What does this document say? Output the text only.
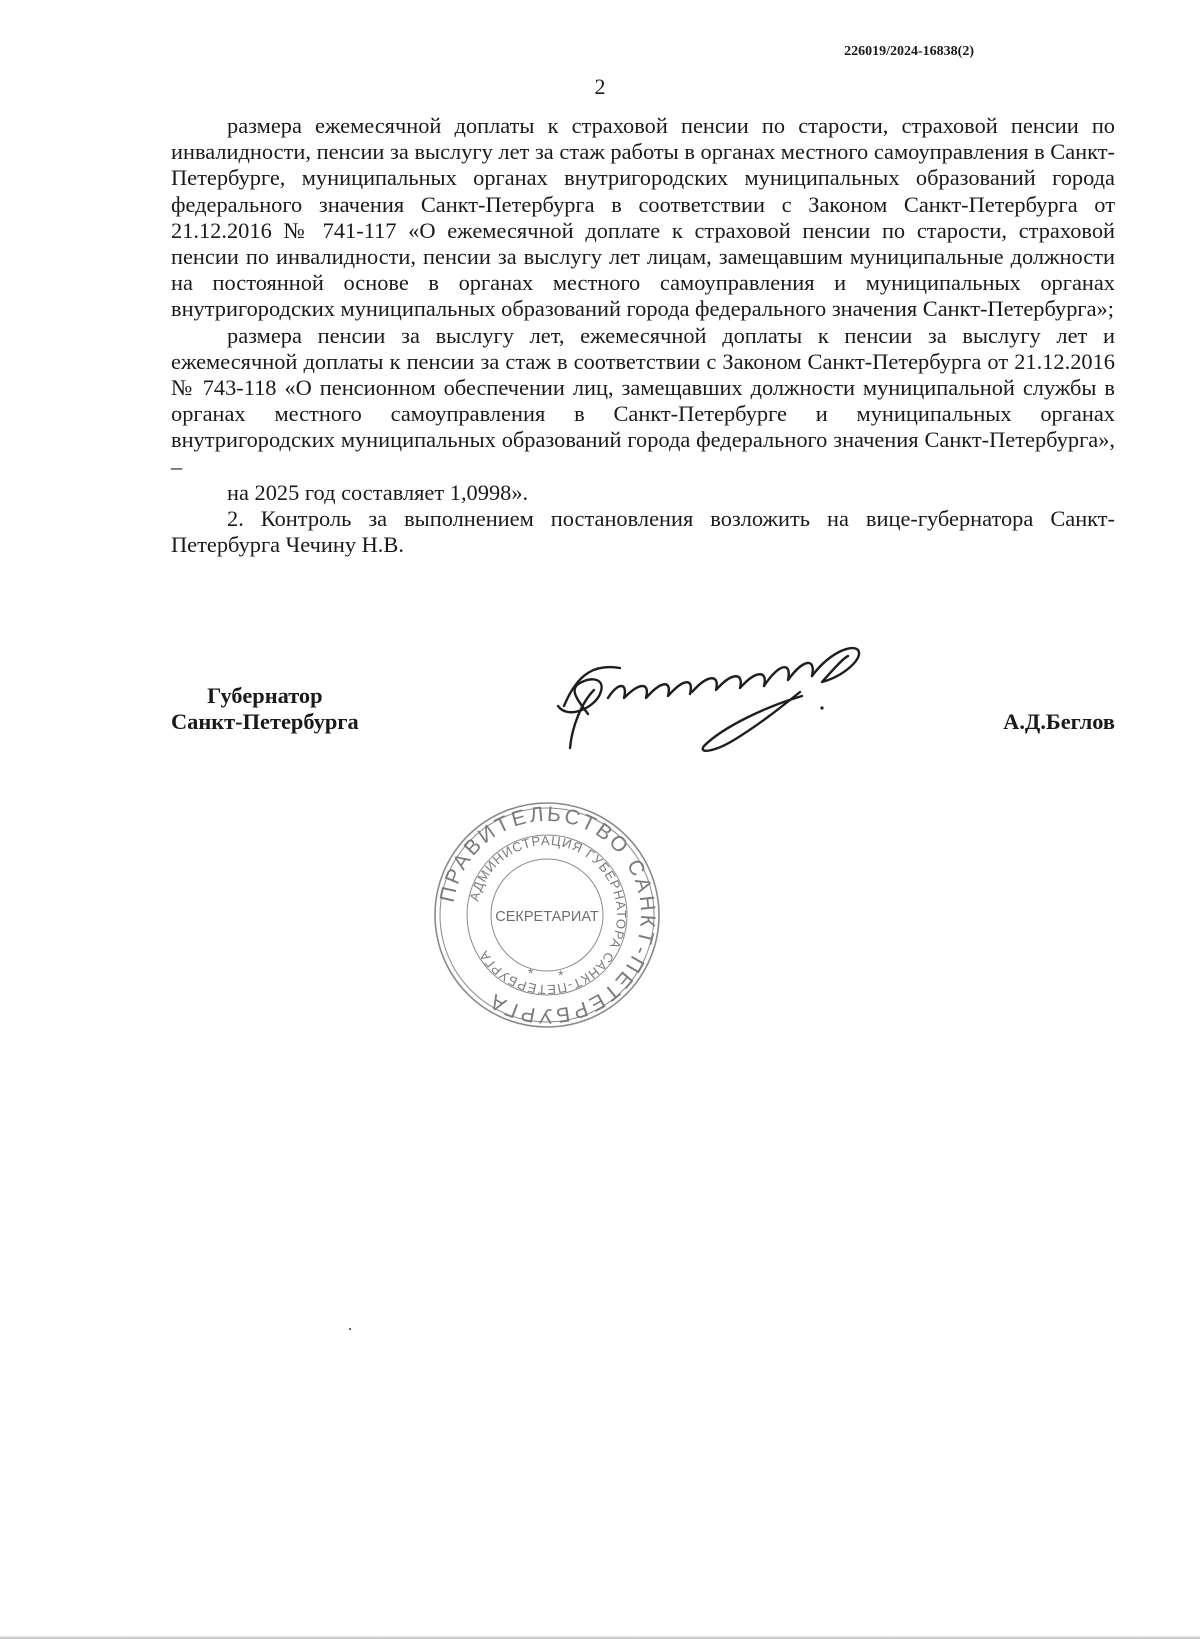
226019/2024-16838(2)
2

размера ежемесячной доплаты к страховой пенсии по старости, страховой пенсии по инвалидности, пенсии за выслугу лет за стаж работы в органах местного самоуправления в Санкт-Петербурге, муниципальных органах внутригородских муниципальных образований города федерального значения Санкт-Петербурга в соответствии с Законом Санкт-Петербурга от 21.12.2016 № 741-117 «О ежемесячной доплате к страховой пенсии по старости, страховой пенсии по инвалидности, пенсии за выслугу лет лицам, замещавшим муниципальные должности на постоянной основе в органах местного самоуправления и муниципальных органах внутригородских муниципальных образований города федерального значения Санкт-Петербурга»;

размера пенсии за выслугу лет, ежемесячной доплаты к пенсии за выслугу лет и ежемесячной доплаты к пенсии за стаж в соответствии с Законом Санкт-Петербурга от 21.12.2016 № 743-118 «О пенсионном обеспечении лиц, замещавших должности муниципальной службы в органах местного самоуправления в Санкт-Петербурге и муниципальных органах внутригородских муниципальных образований города федерального значения Санкт-Петербурга», –

на 2025 год составляет 1,0998».

2. Контроль за выполнением постановления возложить на вице-губернатора Санкт-Петербурга Чечину Н.В.

Губернатор
Санкт-Петербурга	А.Д.Беглов
ПРАВИТЕЛЬСТВО САНКТ-ПЕТЕРБУРГА
АДМИНИСТРАЦИЯ ГУБЕРНАТОРА САНКТ-ПЕТЕРБУРГА
СЕКРЕТАРИАТ
* *
